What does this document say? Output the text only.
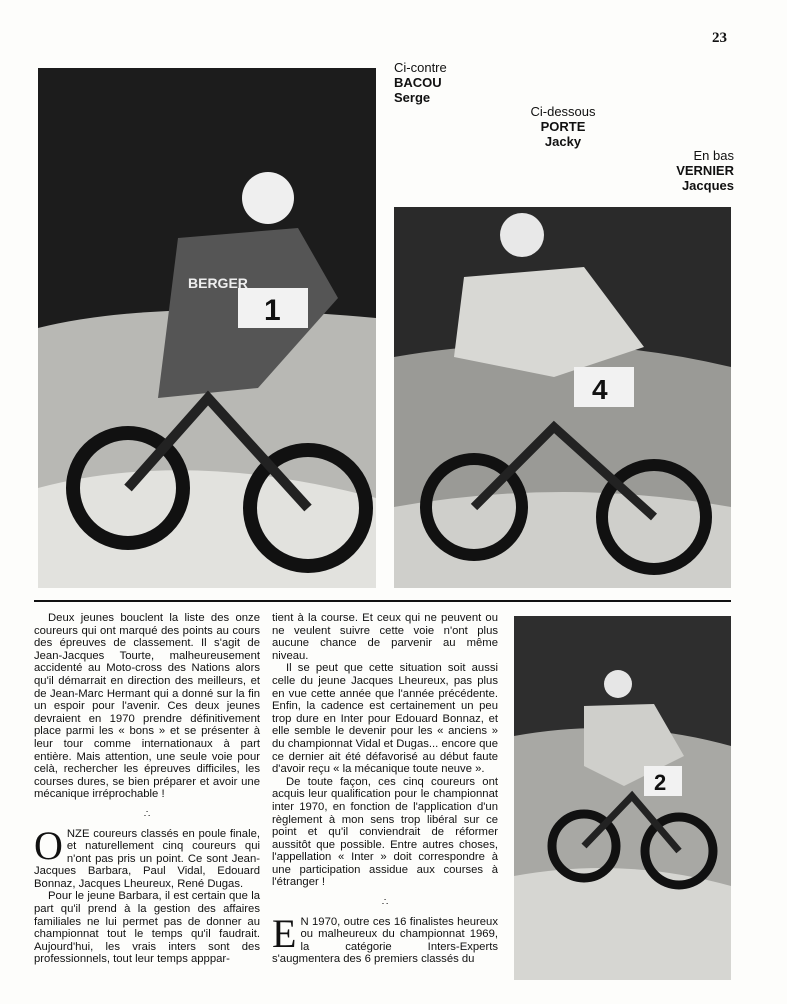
23
1
BERGER
Ci-contre
BACOU
Serge
Ci-dessous
PORTE
Jacky
En bas
VERNIER
Jacques
4
2

Deux jeunes bouclent la liste des onze coureurs qui ont marqué des points au cours des épreuves de classement. Il s'agit de Jean-Jacques Tourte, malheureusement accidenté au Moto-cross des Nations alors qu'il démarrait en direction des meilleurs, et de Jean-Marc Hermant qui a donné sur la fin un espoir pour l'avenir. Ces deux jeunes devraient en 1970 prendre définitivement place parmi les « bons » et se présenter à leur tour comme internationaux à part entière. Mais attention, une seule voie pour celà, rechercher les épreuves difficiles, les courses dures, se bien préparer et avoir une mécanique irréprochable !

∴

ONZE coureurs classés en poule finale, et naturellement cinq coureurs qui n'ont pas pris un point. Ce sont Jean-Jacques Barbara, Paul Vidal, Edouard Bonnaz, Jacques Lheureux, René Dugas.

Pour le jeune Barbara, il est certain que la part qu'il prend à la gestion des affaires familiales ne lui permet pas de donner au championnat tout le temps qu'il faudrait. Aujourd'hui, les vrais inters sont des professionnels, tout leur temps apppar-

tient à la course. Et ceux qui ne peuvent ou ne veulent suivre cette voie n'ont plus aucune chance de parvenir au même niveau.

Il se peut que cette situation soit aussi celle du jeune Jacques Lheureux, pas plus en vue cette année que l'année précédente. Enfin, la cadence est certainement un peu trop dure en Inter pour Edouard Bonnaz, et elle semble le devenir pour les « anciens » du championnat Vidal et Dugas... encore que ce dernier ait été défavorisé au début faute d'avoir reçu « la mécanique toute neuve ».

De toute façon, ces cinq coureurs ont acquis leur qualification pour le championnat inter 1970, en fonction de l'application d'un règlement à mon sens trop libéral sur ce point et qu'il conviendrait de réformer aussitôt que possible. Entre autres choses, l'appellation « Inter » doit correspondre à une participation assidue aux courses à l'étranger !

∴

E N 1970, outre ces 16 finalistes heureux ou malheureux du championnat 1969, la catégorie Inters-Experts s'augmentera des 6 premiers classés du
